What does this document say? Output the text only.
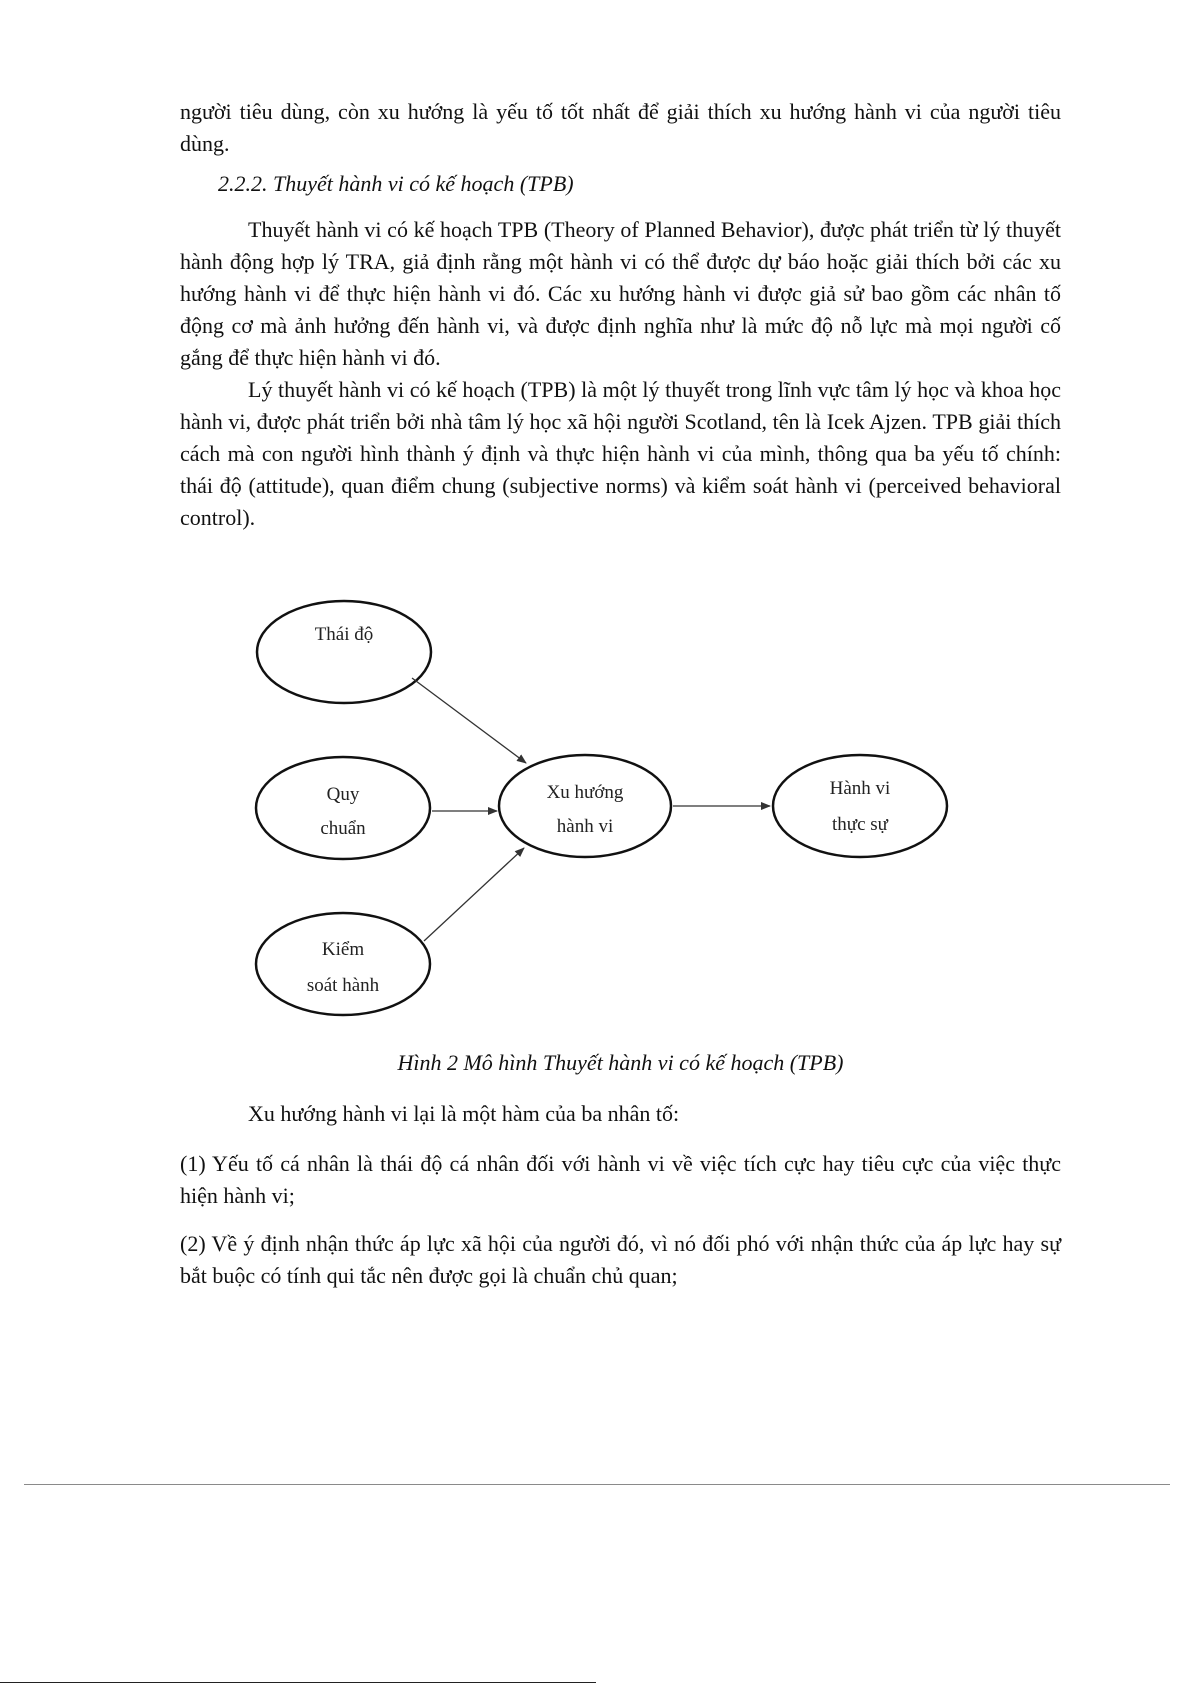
người tiêu dùng, còn xu hướng là yếu tố tốt nhất để giải thích xu hướng hành vi của người tiêu dùng.

2.2.2. Thuyết hành vi có kế hoạch (TPB)

Thuyết hành vi có kế hoạch TPB (Theory of Planned Behavior), được phát triển từ lý thuyết hành động hợp lý TRA, giả định rằng một hành vi có thể được dự báo hoặc giải thích bởi các xu hướng hành vi để thực hiện hành vi đó. Các xu hướng hành vi được giả sử bao gồm các nhân tố động cơ mà ảnh hưởng đến hành vi, và được định nghĩa như là mức độ nỗ lực mà mọi người cố gắng để thực hiện hành vi đó.

Lý thuyết hành vi có kế hoạch (TPB) là một lý thuyết trong lĩnh vực tâm lý học và khoa học hành vi, được phát triển bởi nhà tâm lý học xã hội người Scotland, tên là Icek Ajzen. TPB giải thích cách mà con người hình thành ý định và thực hiện hành vi của mình, thông qua ba yếu tố chính: thái độ (attitude), quan điểm chung (subjective norms) và kiểm soát hành vi (perceived behavioral control).

Thái độ
Quy
chuẩn
Kiểm
soát hành
Xu hướng
hành vi
Hành vi
thực sự

Hình 2 Mô hình Thuyết hành vi có kế hoạch (TPB)

Xu hướng hành vi lại là một hàm của ba nhân tố:

(1) Yếu tố cá nhân là thái độ cá nhân đối với hành vi về việc tích cực hay tiêu cực của việc thực hiện hành vi;

(2) Về ý định nhận thức áp lực xã hội của người đó, vì nó đối phó với nhận thức của áp lực hay sự bắt buộc có tính qui tắc nên được gọi là chuẩn chủ quan;
